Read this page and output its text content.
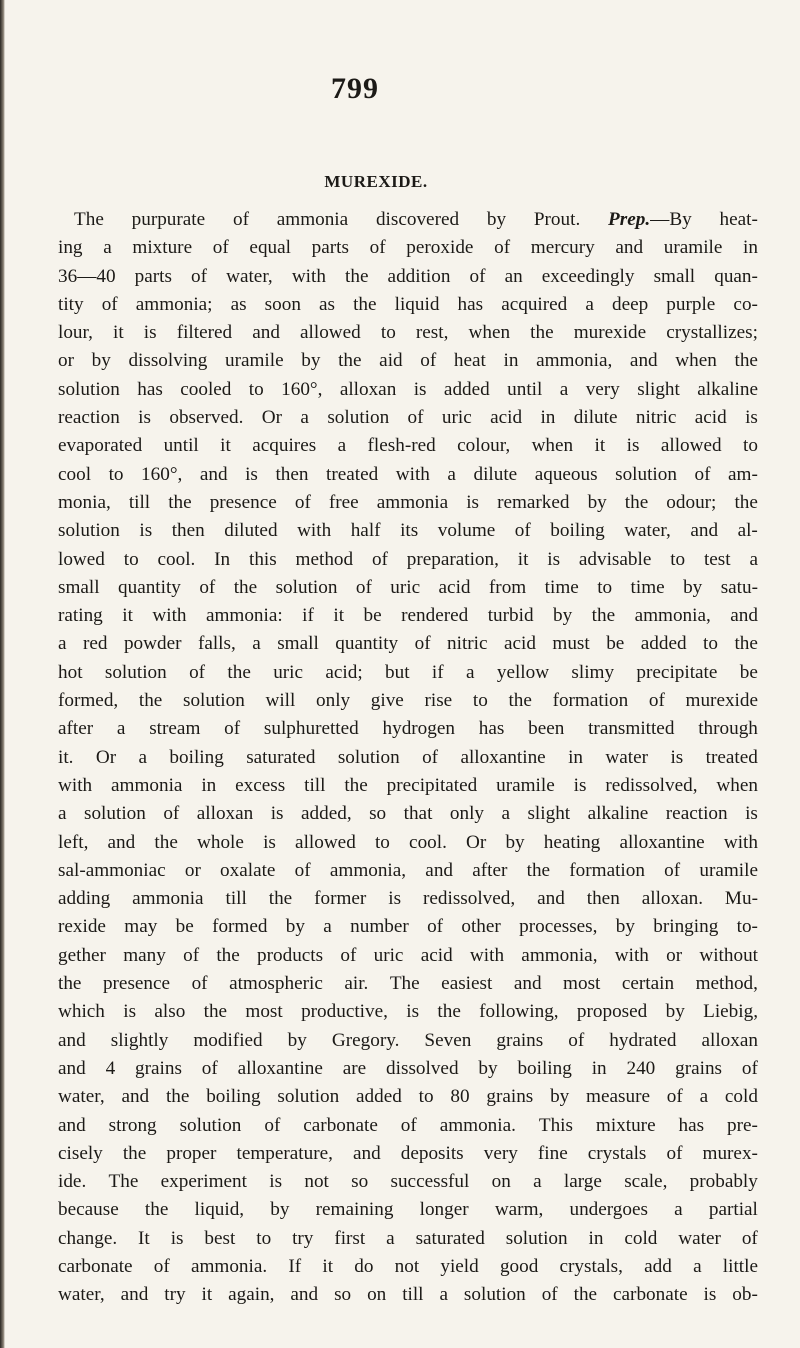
799
MUREXIDE.
The purpurate of ammonia discovered by Prout. Prep.—By heat-
ing a mixture of equal parts of peroxide of mercury and uramile in
36—40 parts of water, with the addition of an exceedingly small quan-
tity of ammonia; as soon as the liquid has acquired a deep purple co-
lour, it is filtered and allowed to rest, when the murexide crystallizes;
or by dissolving uramile by the aid of heat in ammonia, and when the
solution has cooled to 160°, alloxan is added until a very slight alkaline
reaction is observed. Or a solution of uric acid in dilute nitric acid is
evaporated until it acquires a flesh-red colour, when it is allowed to
cool to 160°, and is then treated with a dilute aqueous solution of am-
monia, till the presence of free ammonia is remarked by the odour; the
solution is then diluted with half its volume of boiling water, and al-
lowed to cool. In this method of preparation, it is advisable to test a
small quantity of the solution of uric acid from time to time by satu-
rating it with ammonia: if it be rendered turbid by the ammonia, and
a red powder falls, a small quantity of nitric acid must be added to the
hot solution of the uric acid; but if a yellow slimy precipitate be
formed, the solution will only give rise to the formation of murexide
after a stream of sulphuretted hydrogen has been transmitted through
it. Or a boiling saturated solution of alloxantine in water is treated
with ammonia in excess till the precipitated uramile is redissolved, when
a solution of alloxan is added, so that only a slight alkaline reaction is
left, and the whole is allowed to cool. Or by heating alloxantine with
sal-ammoniac or oxalate of ammonia, and after the formation of uramile
adding ammonia till the former is redissolved, and then alloxan. Mu-
rexide may be formed by a number of other processes, by bringing to-
gether many of the products of uric acid with ammonia, with or without
the presence of atmospheric air. The easiest and most certain method,
which is also the most productive, is the following, proposed by Liebig,
and slightly modified by Gregory. Seven grains of hydrated alloxan
and 4 grains of alloxantine are dissolved by boiling in 240 grains of
water, and the boiling solution added to 80 grains by measure of a cold
and strong solution of carbonate of ammonia. This mixture has pre-
cisely the proper temperature, and deposits very fine crystals of murex-
ide. The experiment is not so successful on a large scale, probably
because the liquid, by remaining longer warm, undergoes a partial
change. It is best to try first a saturated solution in cold water of
carbonate of ammonia. If it do not yield good crystals, add a little
water, and try it again, and so on till a solution of the carbonate is ob-
